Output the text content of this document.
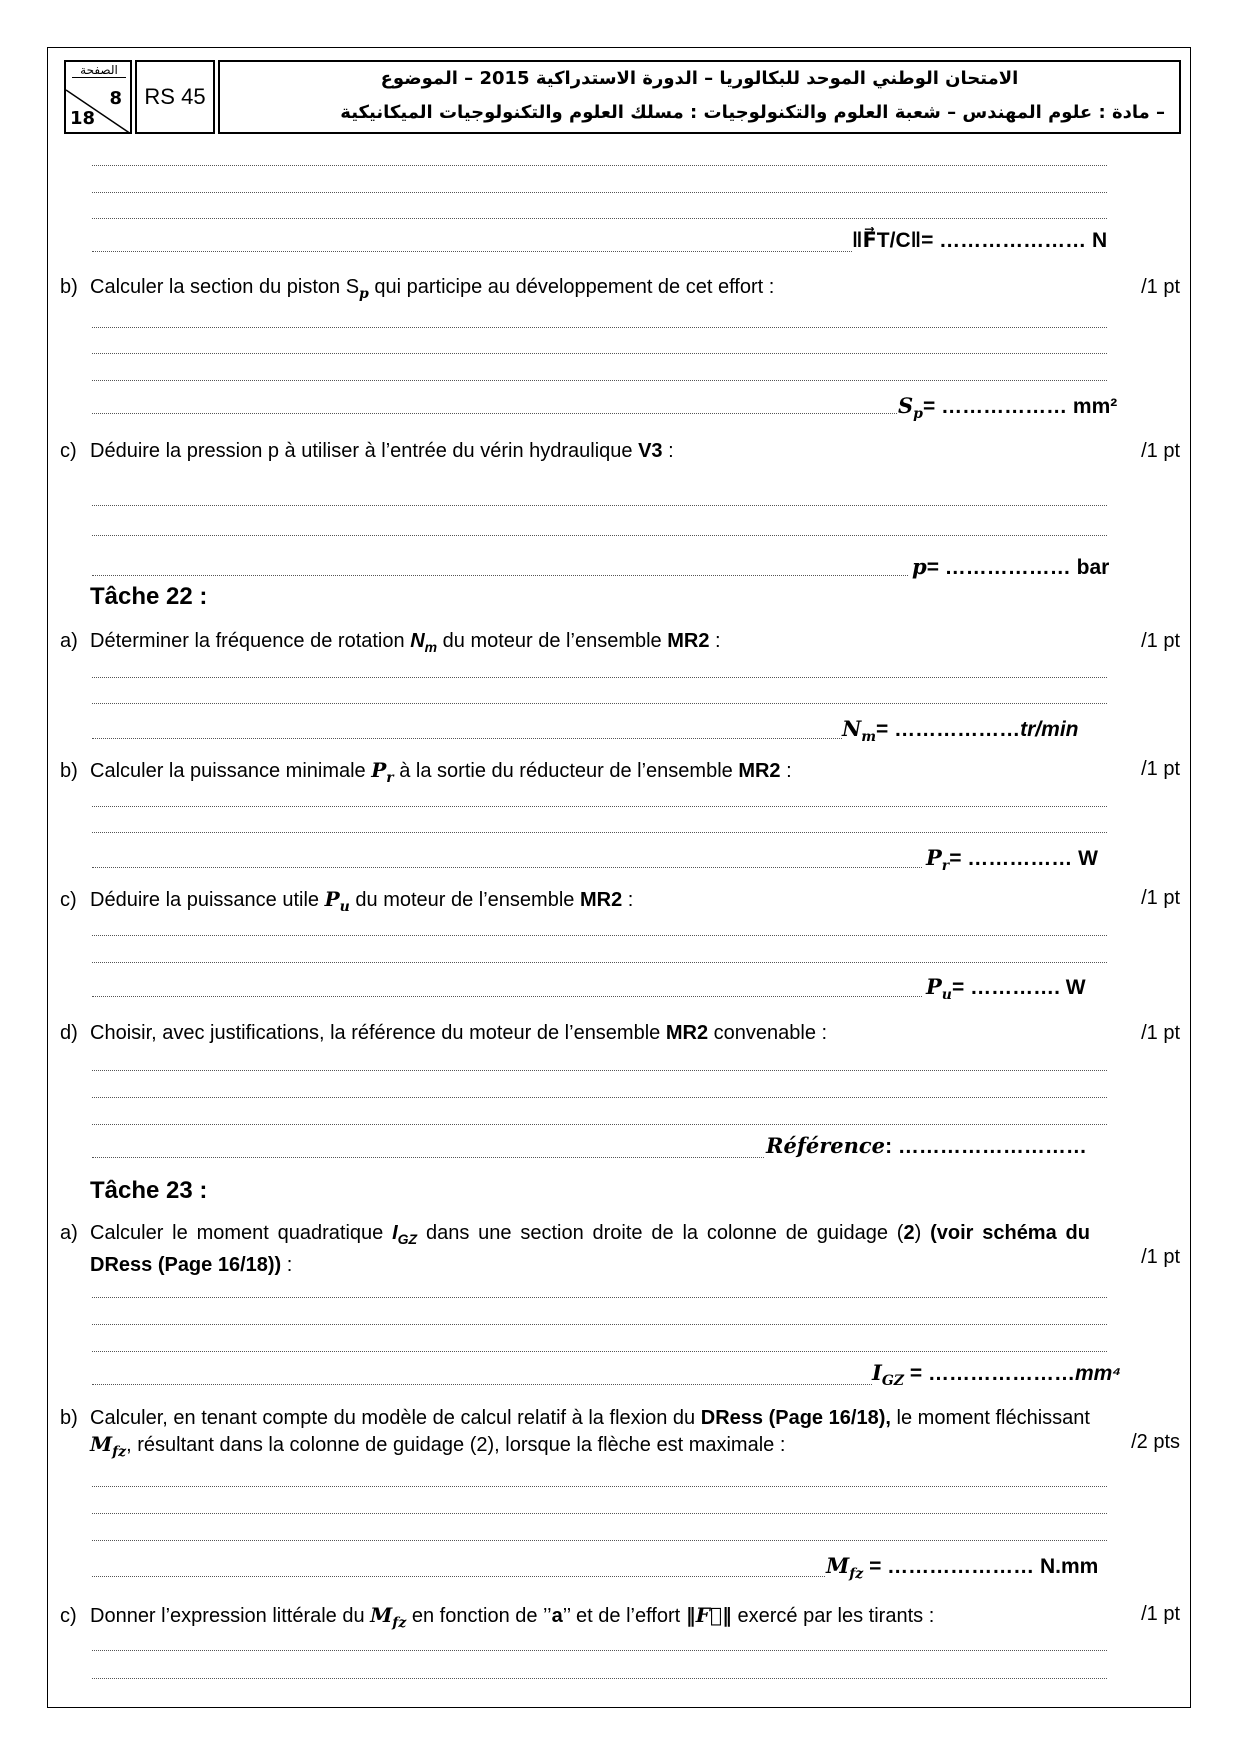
الصفحة
8
18
RS 45
الامتحان الوطني الموحد للبكالوريا – الدورة الاستدراكية 2015 – الموضوع
– مادة : علوم المهندس – شعبة العلوم والتكنولوجيات : مسلك العلوم والتكنولوجيات الميكانيكية
‖F⃗T/C‖= ………………… N
b) Calculer la section du piston $S_p$ qui participe au développement de cet effort :	/1 pt
$S_p=$ ……………… mm²
c) Déduire la pression p à utiliser à l’entrée du vérin hydraulique V3 :	/1 pt
p= ……………… bar
Tâche 22 :
a) Déterminer la fréquence de rotation $N_m$ du moteur de l’ensemble MR2 :	/1 pt
$N_m=$ ………………tr/min
b) Calculer la puissance minimale $P_r$ à la sortie du réducteur de l’ensemble MR2 :	/1 pt
$P_r=$ …………… W
c) Déduire la puissance utile $P_u$ du moteur de l’ensemble MR2 :	/1 pt
$P_u=$ …………. W
d) Choisir, avec justifications, la référence du moteur de l’ensemble MR2 convenable :	/1 pt
Référence: ………………………
Tâche 23 :
a) Calculer le moment quadratique $I_{GZ}$ dans une section droite de la colonne de guidage (2) (voir schéma du DRess (Page 16/18)) :	/1 pt
$I_{GZ}$ = …………………mm⁴
b) Calculer, en tenant compte du modèle de calcul relatif à la flexion du DRess (Page 16/18), le moment fléchissant $M_{fz}$, résultant dans la colonne de guidage (2), lorsque la flèche est maximale :	/2 pts
$M_{fz}$ = ………………… N.mm
c) Donner l’expression littérale du $M_{fz}$ en fonction de ’’a’’ et de l’effort ‖F⃗‖ exercé par les tirants :	/1 pt
